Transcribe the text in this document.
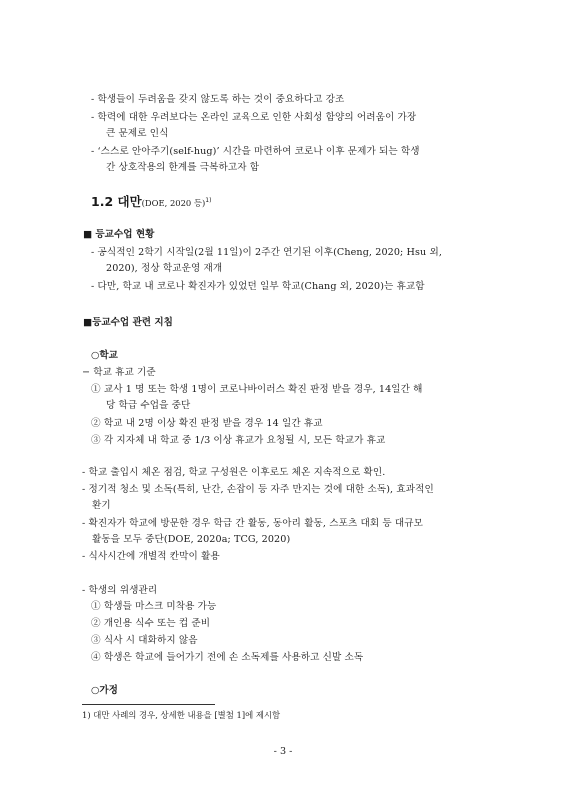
- 학생들이 두려움을 갖지 않도록 하는 것이 중요하다고 강조
- 학력에 대한 우려보다는 온라인 교육으로 인한 사회성 함양의 어려움이 가장
큰 문제로 인식
- ‘스스로 안아주기(self-hug)’ 시간을 마련하여 코로나 이후 문제가 되는 학생
간 상호작용의 한계를 극복하고자 함
1.2 대만(DOE, 2020 등)$^{1)}$
■ 등교수업 현황
- 공식적인 2학기 시작일(2월 11일)이 2주간 연기된 이후(Cheng, 2020; Hsu 외,
2020), 정상 학교운영 재개
- 다만, 학교 내 코로나 확진자가 있었던 일부 학교(Chang 외, 2020)는 휴교함
■등교수업 관련 지침
○학교
− 학교 휴교 기준
① 교사 1 명 또는 학생 1명이 코로나바이러스 확진 판정 받을 경우, 14일간 해
당 학급 수업을 중단
② 학교 내 2명 이상 확진 판정 받을 경우 14 일간 휴교
③ 각 지자체 내 학교 중 1/3 이상 휴교가 요청될 시, 모든 학교가 휴교
- 학교 출입시 체온 점검, 학교 구성원은 이후로도 체온 지속적으로 확인.
- 정기적 청소 및 소독(특히, 난간, 손잡이 등 자주 만지는 것에 대한 소독), 효과적인
환기
- 확진자가 학교에 방문한 경우 학급 간 활동, 동아리 활동, 스포츠 대회 등 대규모
활동을 모두 중단(DOE, 2020a; TCG, 2020)
- 식사시간에 개별적 칸막이 활용
- 학생의 위생관리
① 학생들 마스크 미착용 가능
② 개인용 식수 또는 컵 준비
③ 식사 시 대화하지 않음
④ 학생은 학교에 들어가기 전에 손 소독제를 사용하고 신발 소독
○가정
1) 대만 사례의 경우, 상세한 내용을 [별첨 1]에 제시함
- 3 -
